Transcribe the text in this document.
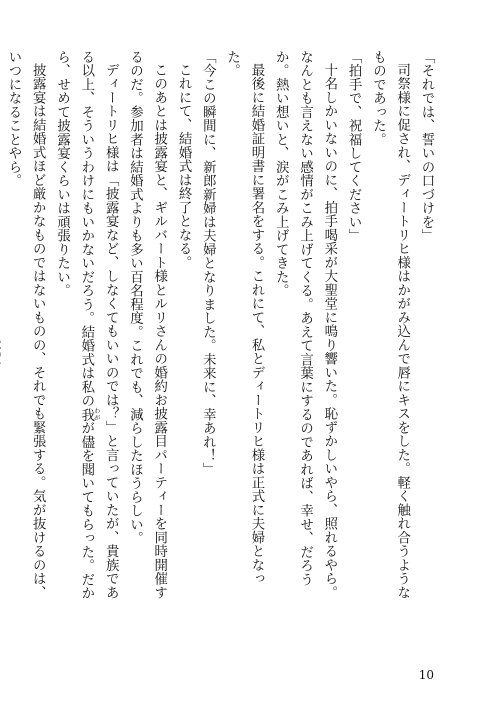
「それでは、誓いの口づけを」

司祭様に促され、ディートリヒ様はかがみ込んで唇にキスをした。軽く触れ合うようなものであった。

「拍手で、祝福してください」

十名しかいないのに、拍手喝采が大聖堂に鳴り響いた。恥ずかしいやら、照れるやら。なんとも言えない感情がこみ上げてくる。あえて言葉にするのであれば、幸せ、だろうか。熱い想いと、涙がこみ上げてきた。

最後に結婚証明書に署名をする。これにて、私とディートリヒ様は正式に夫婦となった。

「今この瞬間に、新郎新婦は夫婦となりました。未来に、幸あれ！」

これにて、結婚式は終了となる。

このあとは披露宴と、ギルバート様とルリさんの婚約お披露目パーティーを同時開催するのだ。参加者は結婚式よりも多い百名程度。これでも、減らしたほうらしい。

ディートリヒ様は「披露宴など、しなくてもいいのでは？」と言っていたが、貴族である以上、そういうわけにもいかないだろう。結婚式は私の我 わがが儘を聞いてもらった。だから、せめて披露宴くらいは頑張りたい。

披露宴は結婚式ほど厳かなものではないものの、それでも緊張する。気が抜けるのは、いつになることやら。

10
